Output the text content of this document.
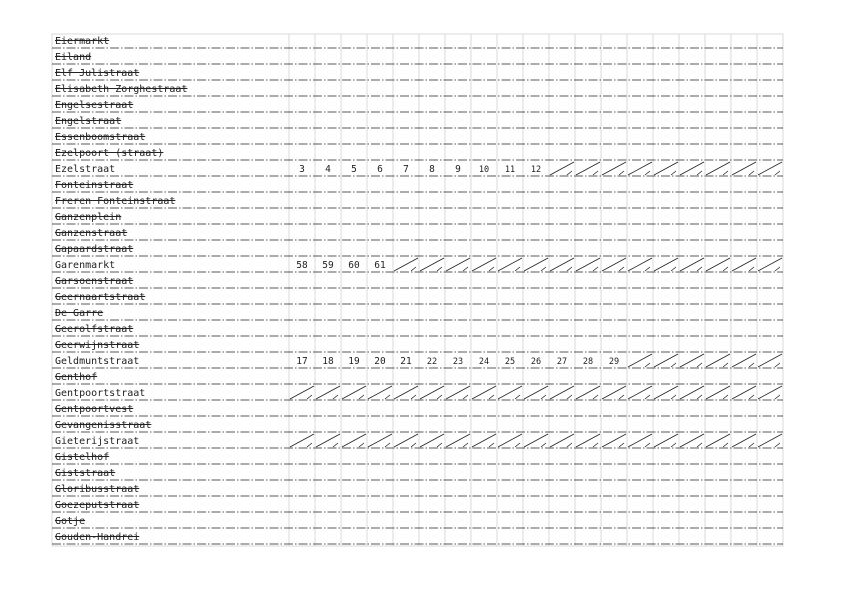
Eiermarkt
Eiland
Elf Julistraat
Elisabeth Zorghestraat
Engelsestraat
Engelstraat
Essenboomstraat
Ezelpoort (straat)
Ezelstraat	3 4 5 6 7 8 9 10 11 12
Fonteinstraat
Freren Fonteinstraat
Ganzenplein
Ganzenstraat
Gapaardstraat
Garenmarkt	58 59 60 61
Garsoenstraat
Geernaartstraat
De Garre
Geerolfstraat
Geerwijnstraat
Geldmuntstraat	17 18 19 20 21 22 23 24 25 26 27 28 29
Genthof
Gentpoortstraat
Gentpoortvest
Gevangenisstraat
Gieterijstraat
Gistelhof
Giststraat
Gloribusstraat
Goezeputstraat
Gotje
Gouden-Handrei
